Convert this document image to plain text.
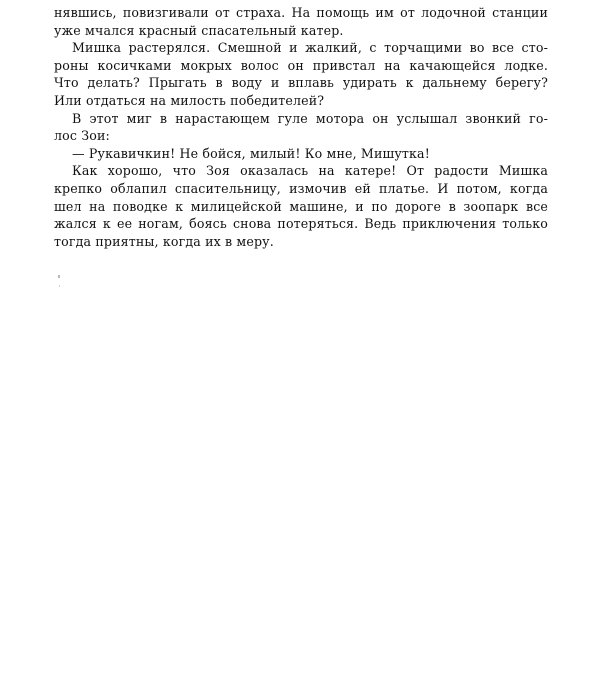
нявшись, повизгивали от страха. На помощь им от лодочной станции
уже мчался красный спасательный катер.
Мишка растерялся. Смешной и жалкий, с торчащими во все сто-
роны косичками мокрых волос он привстал на качающейся лодке.
Что делать? Прыгать в воду и вплавь удирать к дальнему берегу?
Или отдаться на милость победителей?
В этот миг в нарастающем гуле мотора он услышал звонкий го-
лос Зои:
— Рукавичкин! Не бойся, милый! Ко мне, Мишутка!
Как хорошо, что Зоя оказалась на катере! От радости Мишка
крепко облапил спасительницу, измочив ей платье. И потом, когда
шел на поводке к милицейской машине, и по дороге в зоопарк все
жался к ее ногам, боясь снова потеряться. Ведь приключения только
тогда приятны, когда их в меру.
